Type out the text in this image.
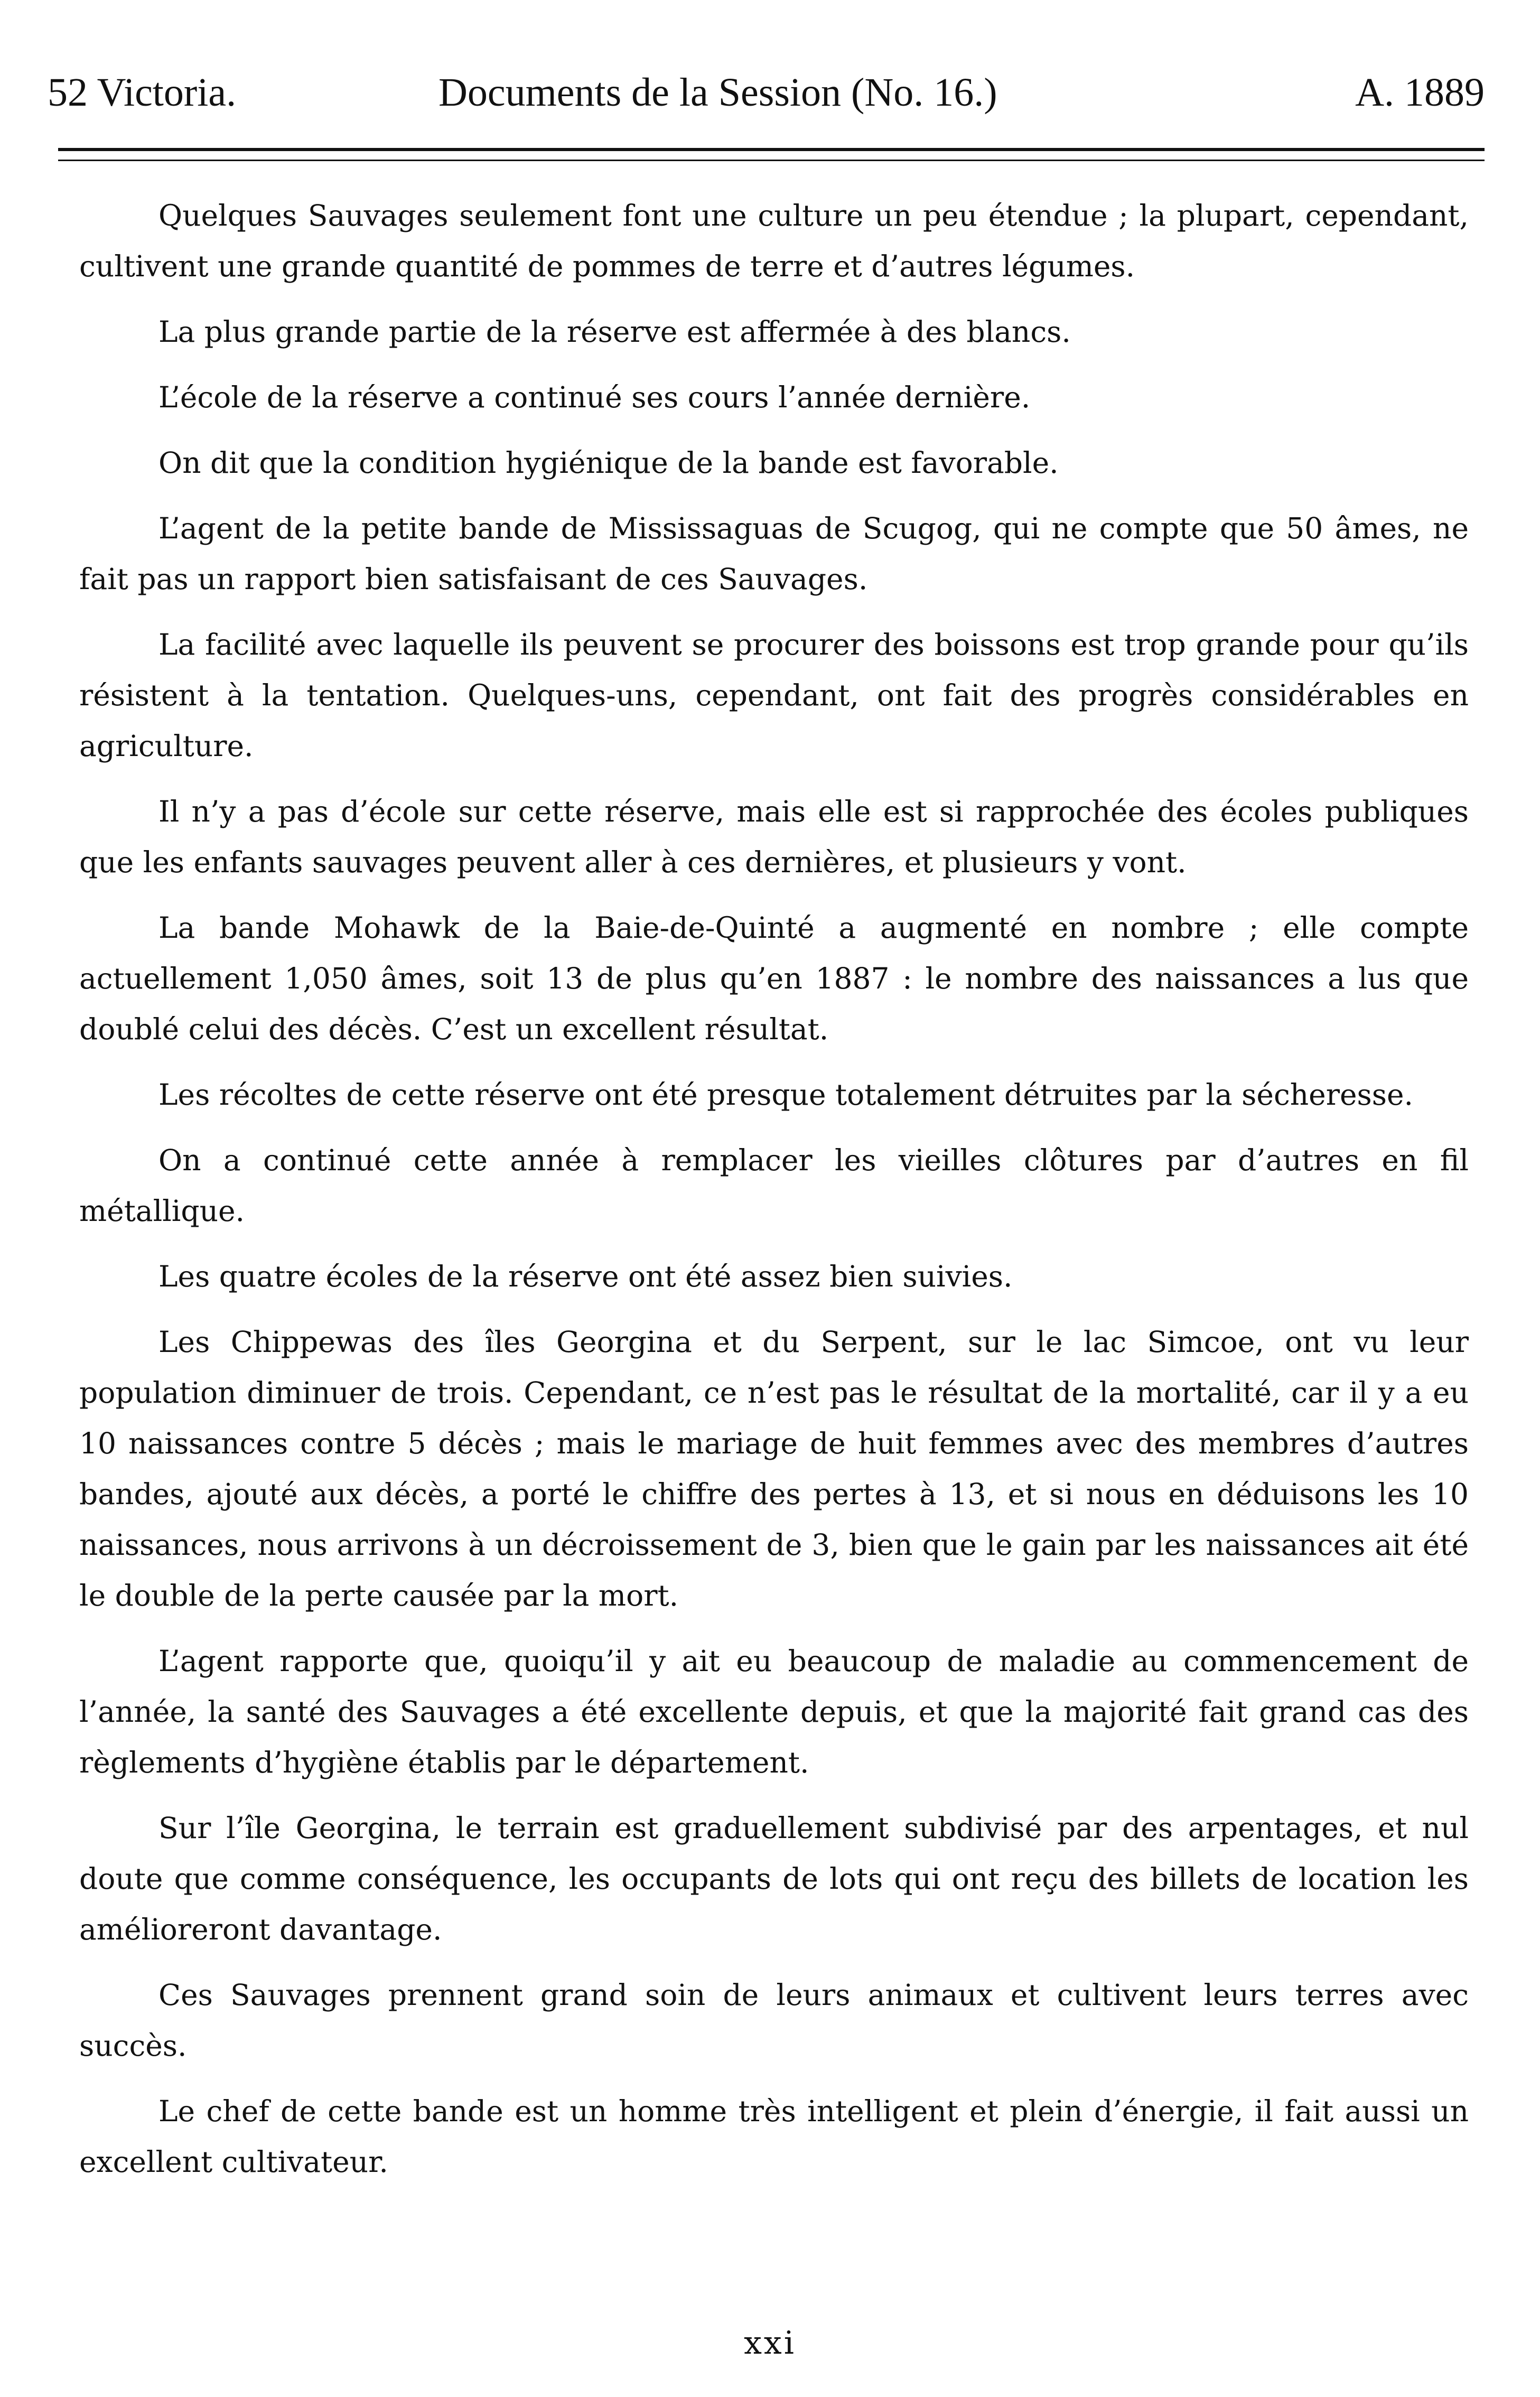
52 Victoria.	Documents de la Session (No. 16.)	A. 1889

Quelques Sauvages seulement font une culture un peu étendue ; la plupart, cependant, cultivent une grande quantité de pommes de terre et d’autres légumes.

La plus grande partie de la réserve est affermée à des blancs.

L’école de la réserve a continué ses cours l’année dernière.

On dit que la condition hygiénique de la bande est favorable.

L’agent de la petite bande de Mississaguas de Scugog, qui ne compte que 50 âmes, ne fait pas un rapport bien satisfaisant de ces Sauvages.

La facilité avec laquelle ils peuvent se procurer des boissons est trop grande pour qu’ils résistent à la tentation. Quelques-uns, cependant, ont fait des progrès considérables en agriculture.

Il n’y a pas d’école sur cette réserve, mais elle est si rapprochée des écoles publiques que les enfants sauvages peuvent aller à ces dernières, et plusieurs y vont.

La bande Mohawk de la Baie-de-Quinté a augmenté en nombre ; elle compte actuellement 1,050 âmes, soit 13 de plus qu’en 1887 : le nombre des naissances a lus que doublé celui des décès. C’est un excellent résultat.

Les récoltes de cette réserve ont été presque totalement détruites par la sécheresse.

On a continué cette année à remplacer les vieilles clôtures par d’autres en fil métallique.

Les quatre écoles de la réserve ont été assez bien suivies.

Les Chippewas des îles Georgina et du Serpent, sur le lac Simcoe, ont vu leur population diminuer de trois. Cependant, ce n’est pas le résultat de la mortalité, car il y a eu 10 naissances contre 5 décès ; mais le mariage de huit femmes avec des membres d’autres bandes, ajouté aux décès, a porté le chiffre des pertes à 13, et si nous en déduisons les 10 naissances, nous arrivons à un décroissement de 3, bien que le gain par les naissances ait été le double de la perte causée par la mort.

L’agent rapporte que, quoiqu’il y ait eu beaucoup de maladie au commencement de l’année, la santé des Sauvages a été excellente depuis, et que la majorité fait grand cas des règlements d’hygiène établis par le département.

Sur l’île Georgina, le terrain est graduellement subdivisé par des arpentages, et nul doute que comme conséquence, les occupants de lots qui ont reçu des billets de location les amélioreront davantage.

Ces Sauvages prennent grand soin de leurs animaux et cultivent leurs terres avec succès.

Le chef de cette bande est un homme très intelligent et plein d’énergie, il fait aussi un excellent cultivateur.

xxi
